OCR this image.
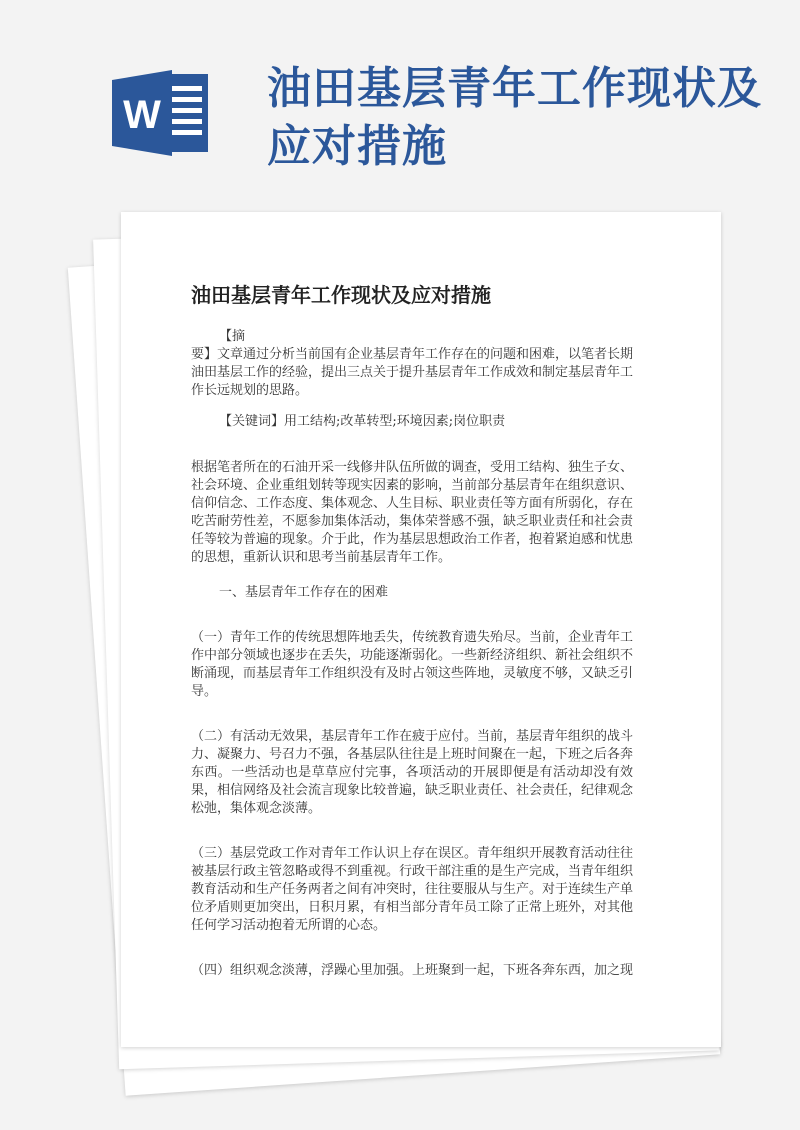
W
油田基层青年工作现状及应对措施
油田基层青年工作现状及应对措施
【摘
要】文章通过分析当前国有企业基层青年工作存在的问题和困难，以笔者长期油田基层工作的经验，提出三点关于提升基层青年工作成效和制定基层青年工作长远规划的思路。
【关键词】用工结构;改革转型;环境因素;岗位职责
根据笔者所在的石油开采一线修井队伍所做的调查，受用工结构、独生子女、社会环境、企业重组划转等现实因素的影响，当前部分基层青年在组织意识、信仰信念、工作态度、集体观念、人生目标、职业责任等方面有所弱化，存在吃苦耐劳性差，不愿参加集体活动，集体荣誉感不强，缺乏职业责任和社会责任等较为普遍的现象。介于此，作为基层思想政治工作者，抱着紧迫感和忧患的思想，重新认识和思考当前基层青年工作。
一、基层青年工作存在的困难
（一）青年工作的传统思想阵地丢失，传统教育遗失殆尽。当前，企业青年工作中部分领域也逐步在丢失，功能逐渐弱化。一些新经济组织、新社会组织不断涌现，而基层青年工作组织没有及时占领这些阵地，灵敏度不够，又缺乏引导。
（二）有活动无效果，基层青年工作在疲于应付。当前，基层青年组织的战斗力、凝聚力、号召力不强，各基层队往往是上班时间聚在一起，下班之后各奔东西。一些活动也是草草应付完事，各项活动的开展即便是有活动却没有效果，相信网络及社会流言现象比较普遍，缺乏职业责任、社会责任，纪律观念松弛，集体观念淡薄。
（三）基层党政工作对青年工作认识上存在误区。青年组织开展教育活动往往被基层行政主管忽略或得不到重视。行政干部注重的是生产完成，当青年组织教育活动和生产任务两者之间有冲突时，往往要服从与生产。对于连续生产单位矛盾则更加突出，日积月累，有相当部分青年员工除了正常上班外，对其他任何学习活动抱着无所谓的心态。
（四）组织观念淡薄，浮躁心里加强。上班聚到一起，下班各奔东西，加之现
